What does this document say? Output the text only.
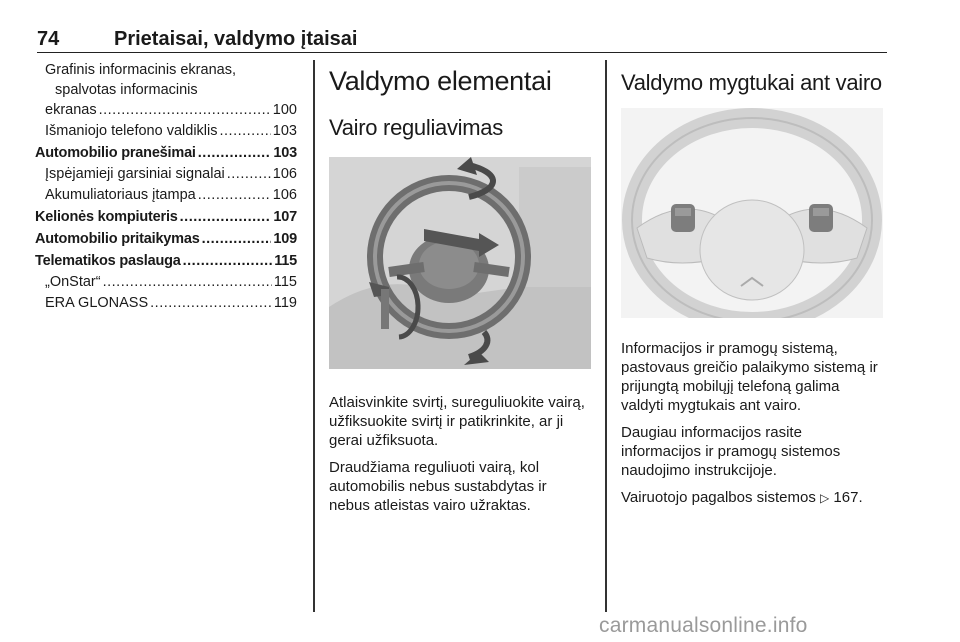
74	Prietaisai, valdymo įtaisai
Grafinis informacinis ekranas,
spalvotas informacinis
ekranas .....	100
Išmaniojo telefono valdiklis .....	103
Automobilio pranešimai .....	103
Įspėjamieji garsiniai signalai .....	106
Akumuliatoriaus įtampa .....	106
Kelionės kompiuteris .....	107
Automobilio pritaikymas .....	109
Telematikos paslauga .....	115
„OnStar“ .....	115
ERA GLONASS .....	119
Valdymo elementai
Vairo reguliavimas

Atlaisvinkite svirtį, sureguliuokite vairą, užfiksuokite svirtį ir patikrinkite, ar ji gerai užfiksuota.

Draudžiama reguliuoti vairą, kol automobilis nebus sustabdytas ir nebus atleistas vairo užraktas.

Valdymo mygtukai ant vairo

Informacijos ir pramogų sistemą, pastovaus greičio palaikymo sistemą ir prijungtą mobilųjį telefoną galima valdyti mygtukais ant vairo.

Daugiau informacijos rasite informacijos ir pramogų sistemos naudojimo instrukcijoje.

Vairuotojo pagalbos sistemos ▷ 167.

carmanualsonline.info
